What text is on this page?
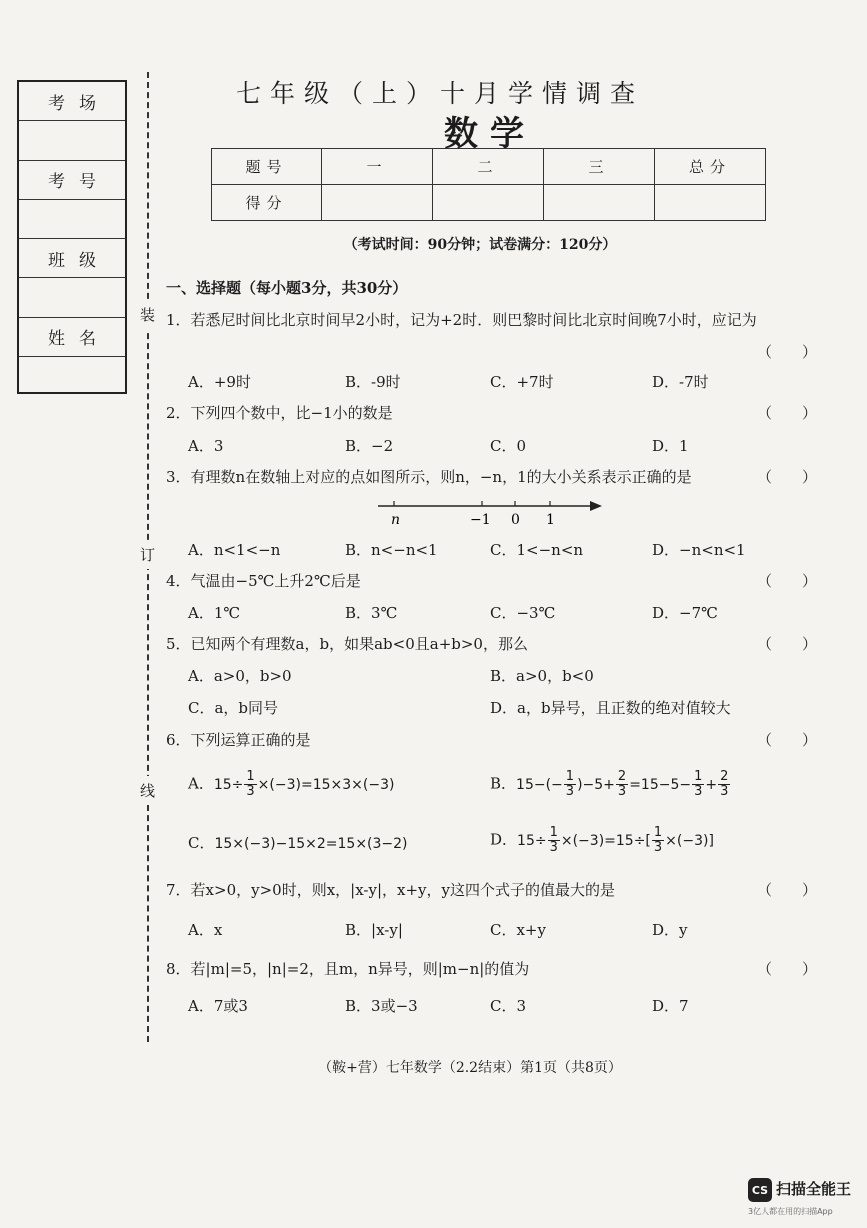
考场
考号
班级
姓名
装
订
线
七年级（上）十月学情调查
数学
题号	一	二	三	总分
得分				
（考试时间：90分钟；试卷满分：120分）
一、选择题（每小题3分，共30分）
1．若悉尼时间比北京时间早2小时，记为+2时．则巴黎时间比北京时间晚7小时，应记为
（　　）
A．+9时	B．-9时	C．+7时	D．-7时
2．下列四个数中，比−1小的数是	（　　）
A．3	B．−2	C．0	D．1
3．有理数n在数轴上对应的点如图所示，则n，−n，1的大小关系表示正确的是	（　　）
n	−1 0 1
A．n<1<−n	B．n<−n<1	C．1<−n<n	D．−n<n<1
4．气温由−5℃上升2℃后是	（　　）
A．1℃	B．3℃	C．−3℃	D．−7℃
5．已知两个有理数a，b，如果ab<0且a+b>0，那么	（　　）
A．a>0，b>0	B．a>0，b<0
C．a，b同号	D．a，b异号，且正数的绝对值较大
6．下列运算正确的是	（　　）
A．$15\div \frac{1}{3} \times(-3)=15\times 3\times(-3)$	B．$15-(- \frac{1}{3} )-5+ \frac{2}{3} =15-5- \frac{1}{3} + \frac{2}{3}$
C．15×(−3)−15×2=15×(3−2)	D．$15\div \frac{1}{3} \times(-3)=15\div[ \frac{1}{3} \times(-3)]$
7．若x>0，y>0时，则x，|x-y|，x+y，y这四个式子的值最大的是	（　　）
A．x	B．|x-y|	C．x+y	D．y
8．若|m|=5，|n|=2，且m，n异号，则|m−n|的值为	（　　）
A．7或3	B．3或−3	C．3	D．7
（鞍+营）七年数学（2.2结束）第1页（共8页）
CS 扫描全能王
3亿人都在用的扫描App
